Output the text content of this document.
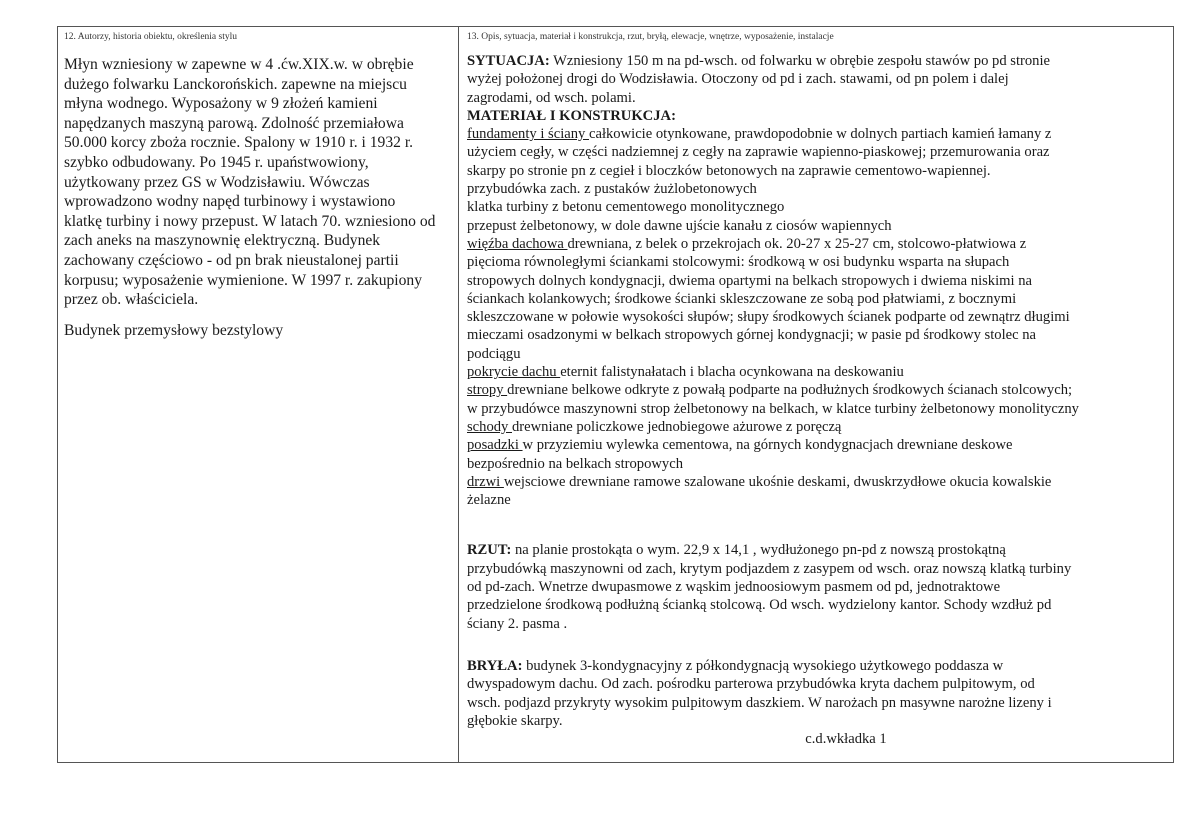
12. Autorzy, historia obiektu, określenia stylu
Młyn wzniesiony w zapewne w 4 .ćw.XIX.w. w obrębie
dużego folwarku Lanckorońskich. zapewne na miejscu
młyna wodnego. Wyposażony w 9 złożeń kamieni
napędzanych maszyną parową. Zdolność przemiałowa
50.000 korcy zboża rocznie. Spalony w 1910 r. i 1932 r.
szybko odbudowany. Po 1945 r. upaństwowiony,
użytkowany przez GS w Wodzisławiu. Wówczas
wprowadzono wodny napęd turbinowy i wystawiono
klatkę turbiny i nowy przepust. W latach 70. wzniesiono od
zach aneks na maszynownię elektryczną. Budynek
zachowany częściowo - od pn brak nieustalonej partii
korpusu; wyposażenie wymienione. W 1997 r. zakupiony
przez ob. właściciela.
Budynek przemysłowy bezstylowy
13. Opis, sytuacja, materiał i konstrukcja, rzut, bryłą, elewacje, wnętrze, wyposażenie, instalacje
SYTUACJA: Wzniesiony 150 m na pd-wsch. od folwarku w obrębie zespołu stawów po pd stronie
wyżej położonej drogi do Wodzisławia. Otoczony od pd i zach. stawami, od pn polem i dalej
zagrodami, od wsch. polami.
MATERIAŁ I KONSTRUKCJA:
fundamenty i ściany całkowicie otynkowane, prawdopodobnie w dolnych partiach kamień łamany z
użyciem cegły, w części nadziemnej z cegły na zaprawie wapienno-piaskowej; przemurowania oraz
skarpy po stronie pn z cegieł i bloczków betonowych na zaprawie cementowo-wapiennej.
przybudówka zach. z pustaków żużlobetonowych
klatka turbiny z betonu cementowego monolitycznego
przepust żelbetonowy, w dole dawne ujście kanału z ciosów wapiennych
więźba dachowa drewniana, z belek o przekrojach ok. 20-27 x 25-27 cm, stolcowo-płatwiowa z
pięcioma równoległymi ściankami stolcowymi: środkową w osi budynku wsparta na słupach
stropowych dolnych kondygnacji, dwiema opartymi na belkach stropowych i dwiema niskimi na
ściankach kolankowych; środkowe ścianki skleszczowane ze sobą pod płatwiami, z bocznymi
skleszczowane w połowie wysokości słupów; słupy środkowych ścianek podparte od zewnątrz długimi
mieczami osadzonymi w belkach stropowych górnej kondygnacji; w pasie pd środkowy stolec na
podciągu
pokrycie dachu eternit falistynałatach i blacha ocynkowana na deskowaniu
stropy drewniane belkowe odkryte z powałą podparte na podłużnych środkowych ścianach stolcowych;
w przybudówce maszynowni strop żelbetonowy na belkach, w klatce turbiny żelbetonowy monolityczny
schody drewniane policzkowe jednobiegowe ażurowe z poręczą
posadzki w przyziemiu wylewka cementowa, na górnych kondygnacjach drewniane deskowe
bezpośrednio na belkach stropowych
drzwi wejsciowe drewniane ramowe szalowane ukośnie deskami, dwuskrzydłowe okucia kowalskie
żelazne
RZUT: na planie prostokąta o wym. 22,9 x 14,1 , wydłużonego pn-pd z nowszą prostokątną
przybudówką maszynowni od zach, krytym podjazdem z zasypem od wsch. oraz nowszą klatką turbiny
od pd-zach. Wnetrze dwupasmowe z wąskim jednoosiowym pasmem od pd, jednotraktowe
przedzielone środkową podłużną ścianką stolcową. Od wsch. wydzielony kantor. Schody wzdłuż pd
ściany 2. pasma .
BRYŁA: budynek 3-kondygnacyjny z półkondygnacją wysokiego użytkowego poddasza w
dwyspadowym dachu. Od zach. pośrodku parterowa przybudówka kryta dachem pulpitowym, od
wsch. podjazd przykryty wysokim pulpitowym daszkiem. W narożach pn masywne narożne lizeny i
głębokie skarpy.
c.d.wkładka 1
